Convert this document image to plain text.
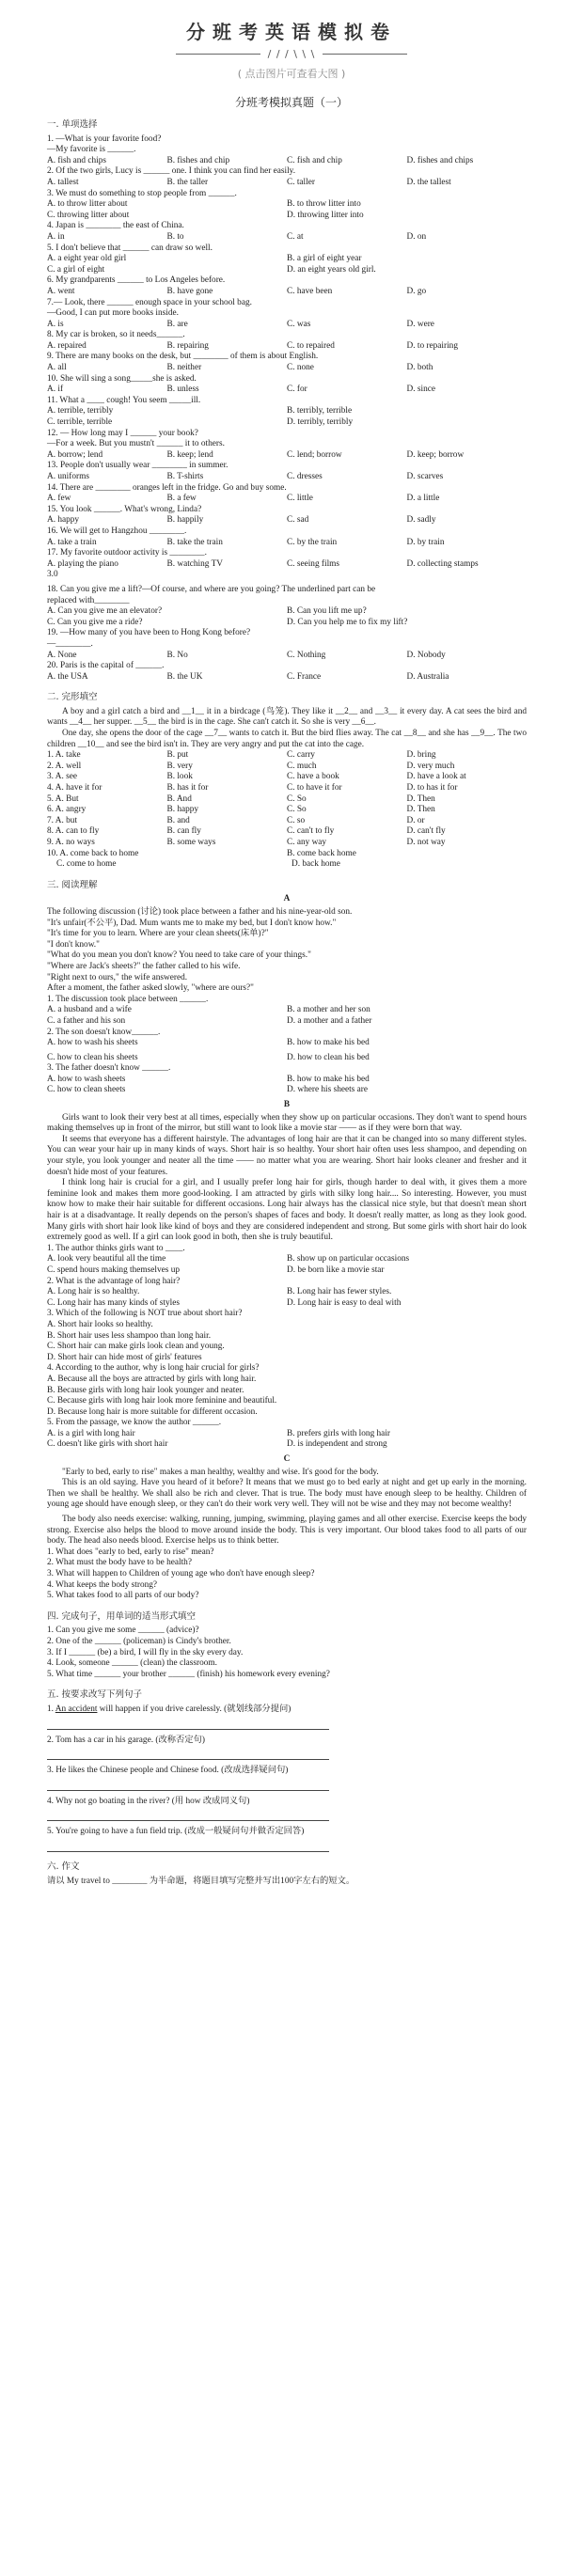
分班考英语模拟卷
/ / / \ \ \
( 点击图片可查看大图 )
分班考模拟真题（一）
一. 单项选择

1. —What is your favorite food?

—My favorite is ______.

A. fish and chips	B. fishes and chip	C. fish and chip	D. fishes and chips

2. Of the two girls, Lucy is ______ one. I think you can find her easily.

A. tallest	B. the taller	C. taller	D. the tallest

3. We must do something to stop people from ______.

A. to throw litter about	B. to throw litter into
C. throwing litter about	D. throwing litter into

4. Japan is ________ the east of China.

A. in	B. to	C. at	D. on

5. I don't believe that ______ can draw so well.

A. a eight year old girl	B. a girl of eight year
C. a girl of eight	D. an eight years old girl.

6. My grandparents ______ to Los Angeles before.

A. went	B. have gone	C. have been	D. go

7.— Look, there ______ enough space in your school bag.

—Good, I can put more books inside.

A. is	B. are	C. was	D. were

8. My car is broken, so it needs______.

A. repaired	B. repairing	C. to repaired	D. to repairing

9. There are many books on the desk, but ________ of them is about English.

A. all	B. neither	C. none	D. both

10. She will sing a song_____she is asked.

A. if	B. unless	C. for	D. since

11. What a ____ cough! You seem _____ill.

A. terrible, terribly	B. terribly, terrible
C. terrible, terrible	D. terribly, terribly

12. — How long may I ______ your book?

—For a week. But you mustn't ______ it to others.

A. borrow; lend	B. keep; lend	C. lend; borrow	D. keep; borrow

13. People don't usually wear ________ in summer.

A. uniforms	B. T-shirts	C. dresses	D. scarves

14. There are ________ oranges left in the fridge. Go and buy some.

A. few	B. a few	C. little	D. a little

15. You look ______. What's wrong, Linda?

A. happy	B. happily	C. sad	D. sadly

16. We will get to Hangzhou ________.

A. take a train	B. take the train	C. by the train	D. by train

17. My favorite outdoor activity is ________.

A. playing the piano	B. watching TV	C. seeing films	D. collecting stamps

3.0

18. Can you give me a lift?—Of course, and where are you going? The underlined part can be

replaced with________

A. Can you give me an elevator?	B. Can you lift me up?
C. Can you give me a ride?	D. Can you help me to fix my lift?

19. —How many of you have been to Hong Kong before?

—________.

A. None	B. No	C. Nothing	D. Nobody

20. Paris is the capital of ______.

A. the USA	B. the UK	C. France	D. Australia
二. 完形填空

A boy and a girl catch a bird and __1__ it in a birdcage (鸟笼). They like it __2__ and __3__ it every day. A cat sees the bird and wants __4__ her supper. __5__ the bird is in the cage. She can't catch it. So she is very __6__.

One day, she opens the door of the cage __7__ wants to catch it. But the bird flies away. The cat __8__ and she has __9__. The two children __10__ and see the bird isn't in. They are very angry and put the cat into the cage.

1. A. take	B. put	C. carry	D. bring
2. A. well	B. very	C. much	D. very much
3. A. see	B. look	C. have a book	D. have a look at
4. A. have it for	B. has it for	C. to have it for	D. to has it for
5. A. But	B. And	C. So	D. Then
6. A. angry	B. happy	C. So	D. Then
7. A. but	B. and	C. so	D. or
8. A. can to fly	B. can fly	C. can't to fly	D. can't fly
9. A. no ways	B. some ways	C. any way	D. not way
10. A. come back to home	B. come back home
C. come to home	D. back home
三. 阅读理解
A

The following discussion (讨论) took place between a father and his nine-year-old son.

"It's unfair(不公平), Dad. Mum wants me to make my bed, but I don't know how."

"It's time for you to learn. Where are your clean sheets(床单)?"

"I don't know."

"What do you mean you don't know? You need to take care of your things."

"Where are Jack's sheets?" the father called to his wife.

"Right next to ours," the wife answered.

After a moment, the father asked slowly, "where are ours?"

1. The discussion took place between ______.

A. a husband and a wife	B. a mother and her son
C. a father and his son	D. a mother and a father

2. The son doesn't know______.

A. how to wash his sheets	B. how to make his bed
C. how to clean his sheets	D. how to clean his bed

3. The father doesn't know ______.

A. how to wash sheets	B. how to make his bed
C. how to clean sheets	D. where his sheets are
B

Girls want to look their very best at all times, especially when they show up on particular occasions. They don't want to spend hours making themselves up in front of the mirror, but still want to look like a movie star —— as if they were born that way.

It seems that everyone has a different hairstyle. The advantages of long hair are that it can be changed into so many different styles. You can wear your hair up in many kinds of ways. Short hair is so healthy. Your short hair often uses less shampoo, and depending on your style, you look younger and neater all the time —— no matter what you are wearing. Short hair looks cleaner and fresher and it doesn't hide most of your features.

I think long hair is crucial for a girl, and I usually prefer long hair for girls, though harder to deal with, it gives them a more feminine look and makes them more good-looking. I am attracted by girls with silky long hair.... So interesting. However, you must know how to make their hair suitable for different occasions. Long hair always has the classical nice style, but that doesn't mean short hair is at a disadvantage. It really depends on the person's shapes of faces and body. It doesn't really matter, as long as they look good. Many girls with short hair look like kind of boys and they are considered independent and strong. But some girls with short hair do look extremely good as well. If a girl can look good in both, then she is truly beautiful.

1. The author thinks girls want to ____.

A. look very beautiful all the time	B. show up on particular occasions
C. spend hours making themselves up	D. be born like a movie star

2. What is the advantage of long hair?

A. Long hair is so healthy.	B. Long hair has fewer styles.
C. Long hair has many kinds of styles	D. Long hair is easy to deal with

3. Which of the following is NOT true about short hair?

A. Short hair looks so healthy.

B. Short hair uses less shampoo than long hair.

C. Short hair can make girls look clean and young.

D. Short hair can hide most of girls' features

4. According to the author, why is long hair crucial for girls?

A. Because all the boys are attracted by girls with long hair.

B. Because girls with long hair look younger and neater.

C. Because girls with long hair look more feminine and beautiful.

D. Because long hair is more suitable for different occasion.

5. From the passage, we know the author ______.

A. is a girl with long hair	B. prefers girls with long hair
C. doesn't like girls with short hair	D. is independent and strong
C

"Early to bed, early to rise" makes a man healthy, wealthy and wise. It's good for the body.

This is an old saying. Have you heard of it before? It means that we must go to bed early at night and get up early in the morning. Then we shall be healthy. We shall also be rich and clever. That is true. The body must have enough sleep to be healthy. Children of young age should have enough sleep, or they can't do their work very well. They will not be wise and they may not become wealthy!

The body also needs exercise: walking, running, jumping, swimming, playing games and all other exercise. Exercise keeps the body strong. Exercise also helps the blood to move around inside the body. This is very important. Our blood takes food to all parts of our body. The head also needs blood. Exercise helps us to think better.

1. What does "early to bed, early to rise" mean?

2. What must the body have to be health?

3. What will happen to Children of young age who don't have enough sleep?

4. What keeps the body strong?

5. What takes food to all parts of our body?

四. 完成句子，用单词的适当形式填空

1. Can you give me some ______ (advice)?

2. One of the ______ (policeman) is Cindy's brother.

3. If I ______ (be) a bird, I will fly in the sky every day.

4. Look, someone ______ (clean) the classroom.

5. What time ______ your brother ______ (finish) his homework every evening?

五. 按要求改写下列句子

1. An accident will happen if you drive carelessly. (就划线部分提问)

2. Tom has a car in his garage. (改称否定句)

3. He likes the Chinese people and Chinese food. (改成选择疑问句)

4. Why not go boating in the river? (用 how 改成同义句)

5. You're going to have a fun field trip. (改成一般疑问句并做否定回答)

六. 作文

请以 My travel to ________ 为半命题，将题目填写完整并写出100字左右的短文。
